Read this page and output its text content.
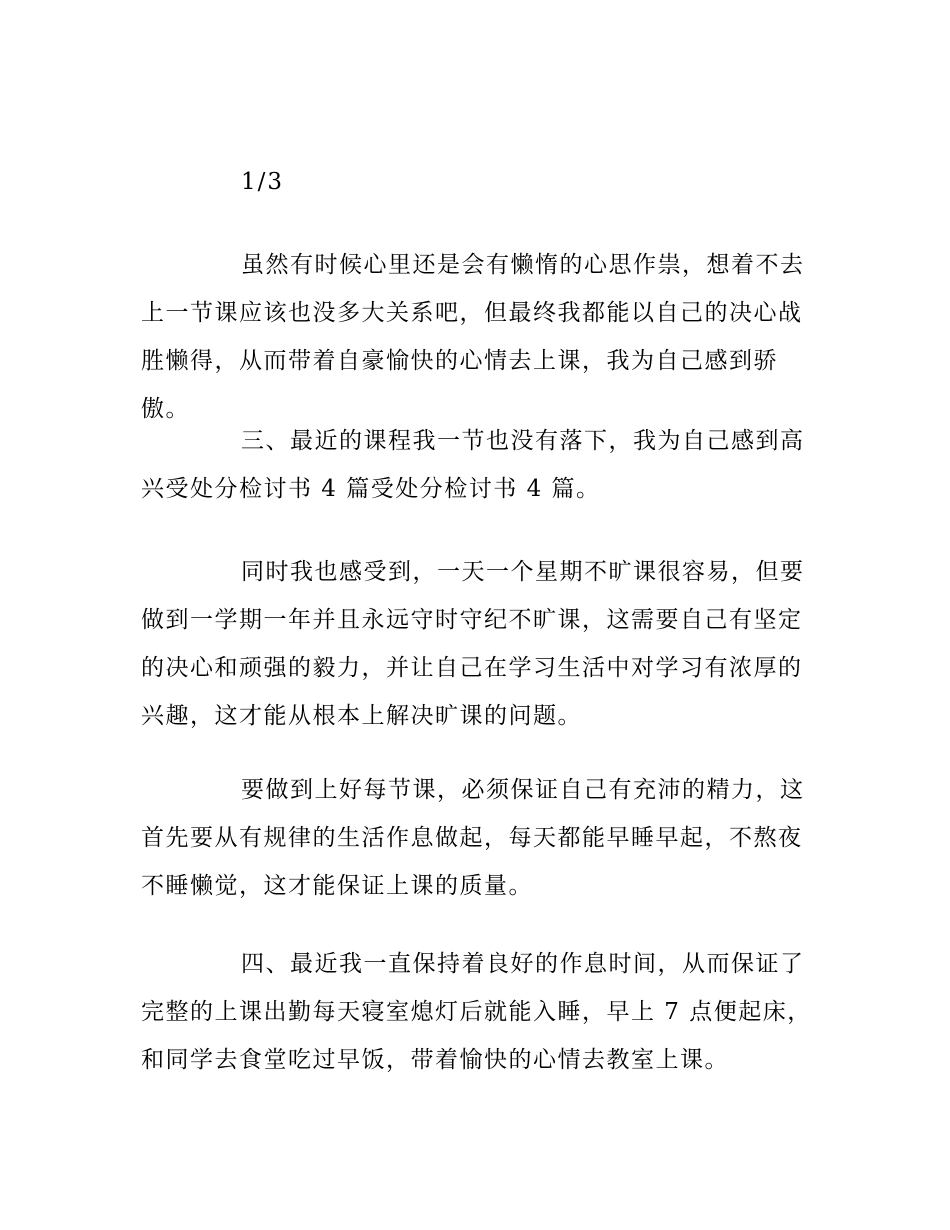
1/3

虽然有时候心里还是会有懒惰的心思作祟，想着不去上一节课应该也没多大关系吧，但最终我都能以自己的决心战胜懒得，从而带着自豪愉快的心情去上课，我为自己感到骄傲。

三、最近的课程我一节也没有落下，我为自己感到高兴受处分检讨书 4 篇受处分检讨书 4 篇。

同时我也感受到，一天一个星期不旷课很容易，但要做到一学期一年并且永远守时守纪不旷课，这需要自己有坚定的决心和顽强的毅力，并让自己在学习生活中对学习有浓厚的兴趣，这才能从根本上解决旷课的问题。

要做到上好每节课，必须保证自己有充沛的精力，这首先要从有规律的生活作息做起，每天都能早睡早起，不熬夜不睡懒觉，这才能保证上课的质量。

四、最近我一直保持着良好的作息时间，从而保证了完整的上课出勤每天寝室熄灯后就能入睡，早上 7 点便起床，和同学去食堂吃过早饭，带着愉快的心情去教室上课。
